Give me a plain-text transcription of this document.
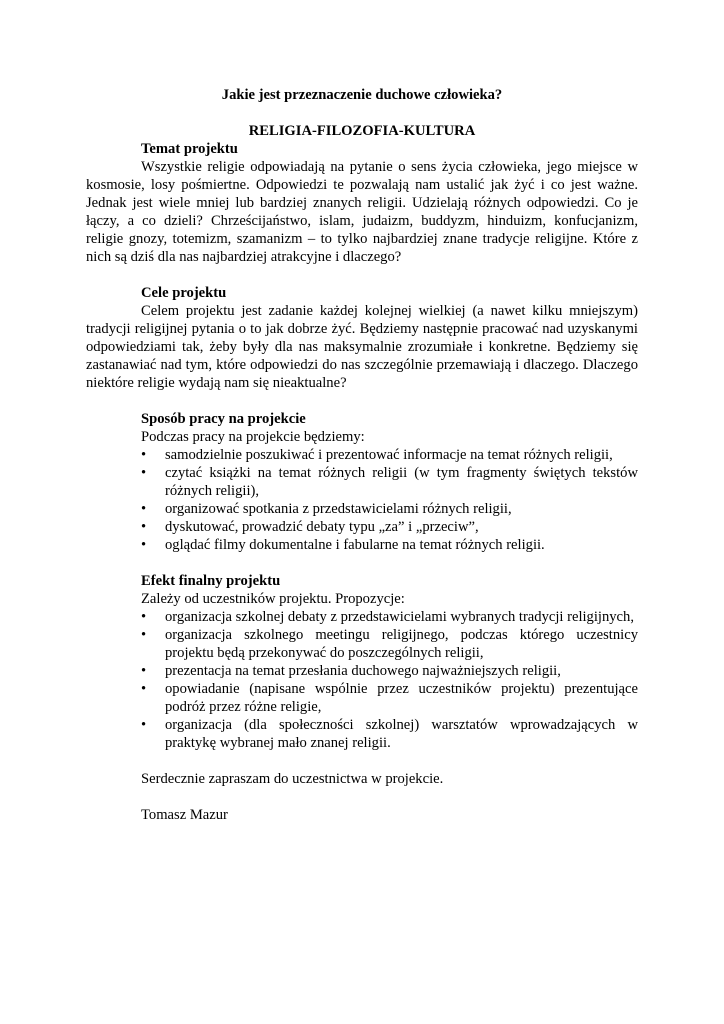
Jakie jest przeznaczenie duchowe człowieka?

RELIGIA-FILOZOFIA-KULTURA

Temat projektu

Wszystkie religie odpowiadają na pytanie o sens życia człowieka, jego miejsce w kosmosie, losy pośmiertne. Odpowiedzi te pozwalają nam ustalić jak żyć i co jest ważne. Jednak jest wiele mniej lub bardziej znanych religii. Udzielają różnych odpowiedzi. Co je łączy, a co dzieli? Chrześcijaństwo, islam, judaizm, buddyzm, hinduizm, konfucjanizm, religie gnozy, totemizm, szamanizm – to tylko najbardziej znane tradycje religijne. Które z nich są dziś dla nas najbardziej atrakcyjne i dlaczego?

Cele projektu

Celem projektu jest zadanie każdej kolejnej wielkiej (a nawet kilku mniejszym) tradycji religijnej pytania o to jak dobrze żyć. Będziemy następnie pracować nad uzyskanymi odpowiedziami tak, żeby były dla nas maksymalnie zrozumiałe i konkretne. Będziemy się zastanawiać nad tym, które odpowiedzi do nas szczególnie przemawiają i dlaczego. Dlaczego niektóre religie wydają nam się nieaktualne?

Sposób pracy na projekcie

Podczas pracy na projekcie będziemy:

•	samodzielnie poszukiwać i prezentować informacje na temat różnych religii,
•	czytać książki na temat różnych religii (w tym fragmenty świętych tekstów różnych religii),
•	organizować spotkania z przedstawicielami różnych religii,
•	dyskutować, prowadzić debaty typu „za” i „przeciw”,
•	oglądać filmy dokumentalne i fabularne na temat różnych religii.

Efekt finalny projektu

Zależy od uczestników projektu. Propozycje:

•	organizacja szkolnej debaty z przedstawicielami wybranych tradycji religijnych,
•	organizacja szkolnego meetingu religijnego, podczas którego uczestnicy projektu będą przekonywać do poszczególnych religii,
•	prezentacja na temat przesłania duchowego najważniejszych religii,
•	opowiadanie (napisane wspólnie przez uczestników projektu) prezentujące podróż przez różne religie,
•	organizacja (dla społeczności szkolnej) warsztatów wprowadzających w praktykę wybranej mało znanej religii.

Serdecznie zapraszam do uczestnictwa w projekcie.

Tomasz Mazur
